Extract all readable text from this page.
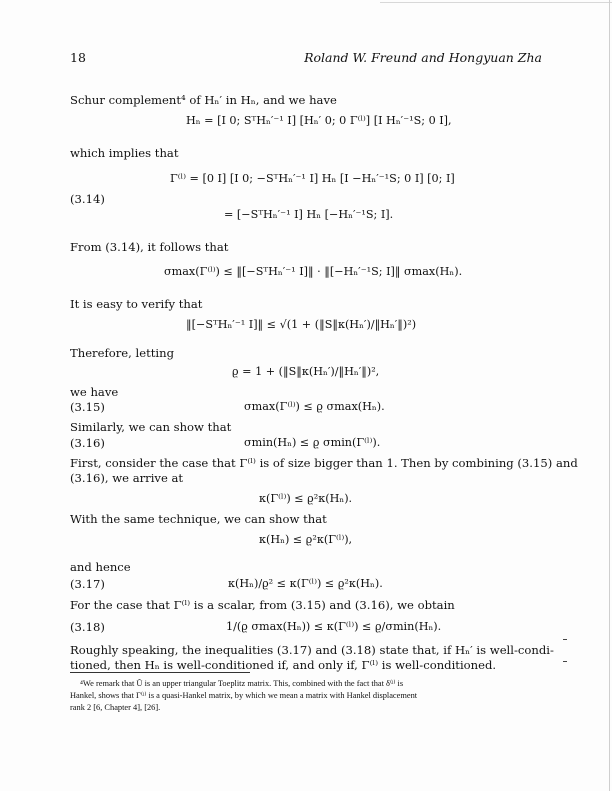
18	Roland W. Freund and Hongyuan Zha
Schur complement⁴ of Hₙ′ in Hₙ, and we have
Hₙ = [I 0; SᵀHₙ′⁻¹ I] [Hₙ′ 0; 0 Γ⁽ˡ⁾] [I Hₙ′⁻¹S; 0 I],
which implies that
(3.14)
Γ⁽ˡ⁾ = [0 I] [I 0; −SᵀHₙ′⁻¹ I] Hₙ [I −Hₙ′⁻¹S; 0 I] [0; I]
= [−SᵀHₙ′⁻¹ I] Hₙ [−Hₙ′⁻¹S; I].
From (3.14), it follows that
σmax(Γ⁽ˡ⁾) ≤ ‖[−SᵀHₙ′⁻¹ I]‖ · ‖[−Hₙ′⁻¹S; I]‖ σmax(Hₙ).
It is easy to verify that
‖[−SᵀHₙ′⁻¹ I]‖ ≤ √(1 + (‖S‖κ(Hₙ′)/‖Hₙ′‖)²)
Therefore, letting
ϱ = 1 + (‖S‖κ(Hₙ′)/‖Hₙ′‖)²,
we have
(3.15)	σmax(Γ⁽ˡ⁾) ≤ ϱ σmax(Hₙ).
Similarly, we can show that
(3.16)	σmin(Hₙ) ≤ ϱ σmin(Γ⁽ˡ⁾).
First, consider the case that Γ⁽ˡ⁾ is of size bigger than 1. Then by combining (3.15) and
(3.16), we arrive at
κ(Γ⁽ˡ⁾) ≤ ϱ²κ(Hₙ).
With the same technique, we can show that
κ(Hₙ) ≤ ϱ²κ(Γ⁽ˡ⁾),
and hence
(3.17)	κ(Hₙ)/ϱ² ≤ κ(Γ⁽ˡ⁾) ≤ ϱ²κ(Hₙ).
For the case that Γ⁽ˡ⁾ is a scalar, from (3.15) and (3.16), we obtain
(3.18)	1/(ϱ σmax(Hₙ)) ≤ κ(Γ⁽ˡ⁾) ≤ ϱ/σmin(Hₙ).
Roughly speaking, the inequalities (3.17) and (3.18) state that, if Hₙ′ is well-condi-
tioned, then Hₙ is well-conditioned if, and only if, Γ⁽ˡ⁾ is well-conditioned.
⁴We remark that Ũ is an upper triangular Toeplitz matrix. This, combined with the fact that δ⁽ˡ⁾ is
Hankel, shows that Γ⁽ˡ⁾ is a quasi-Hankel matrix, by which we mean a matrix with Hankel displacement
rank 2 [6, Chapter 4], [26].
